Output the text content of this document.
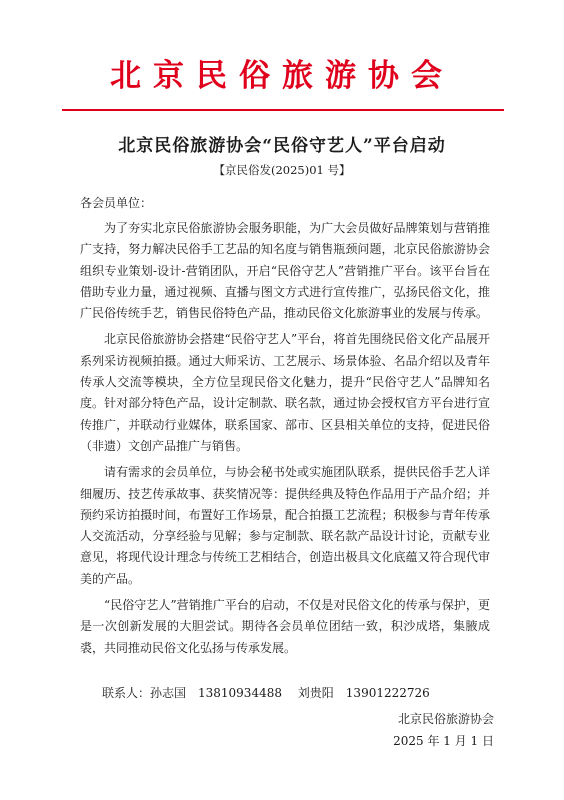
北京民俗旅游协会
北京民俗旅游协会“民俗守艺人”平台启动
【京民俗发(2025)01 号】
各会员单位：

为了夯实北京民俗旅游协会服务职能，为广大会员做好品牌策划与营销推广支持，努力解决民俗手工艺品的知名度与销售瓶颈问题，北京民俗旅游协会组织专业策划-设计-营销团队，开启“民俗守艺人”营销推广平台。该平台旨在借助专业力量，通过视频、直播与图文方式进行宣传推广，弘扬民俗文化，推广民俗传统手艺，销售民俗特色产品，推动民俗文化旅游事业的发展与传承。

北京民俗旅游协会搭建“民俗守艺人”平台，将首先围绕民俗文化产品展开系列采访视频拍摄。通过大师采访、工艺展示、场景体验、名品介绍以及青年传承人交流等模块，全方位呈现民俗文化魅力，提升“民俗守艺人”品牌知名度。针对部分特色产品，设计定制款、联名款，通过协会授权官方平台进行宣传推广，并联动行业媒体，联系国家、部市、区县相关单位的支持，促进民俗（非遗）文创产品推广与销售。

请有需求的会员单位，与协会秘书处或实施团队联系，提供民俗手艺人详细履历、技艺传承故事、获奖情况等：提供经典及特色作品用于产品介绍；并预约采访拍摄时间，布置好工作场景，配合拍摄工艺流程；积极参与青年传承人交流活动，分享经验与见解；参与定制款、联名款产品设计讨论，贡献专业意见，将现代设计理念与传统工艺相结合，创造出极具文化底蕴又符合现代审美的产品。

“民俗守艺人”营销推广平台的启动，不仅是对民俗文化的传承与保护，更是一次创新发展的大胆尝试。期待各会员单位团结一致，积沙成塔，集腋成裘，共同推动民俗文化弘扬与传承发展。

联系人：孙志国　13810934488　 刘贵阳　13901222726
北京民俗旅游协会
2025 年 1 月 1 日
